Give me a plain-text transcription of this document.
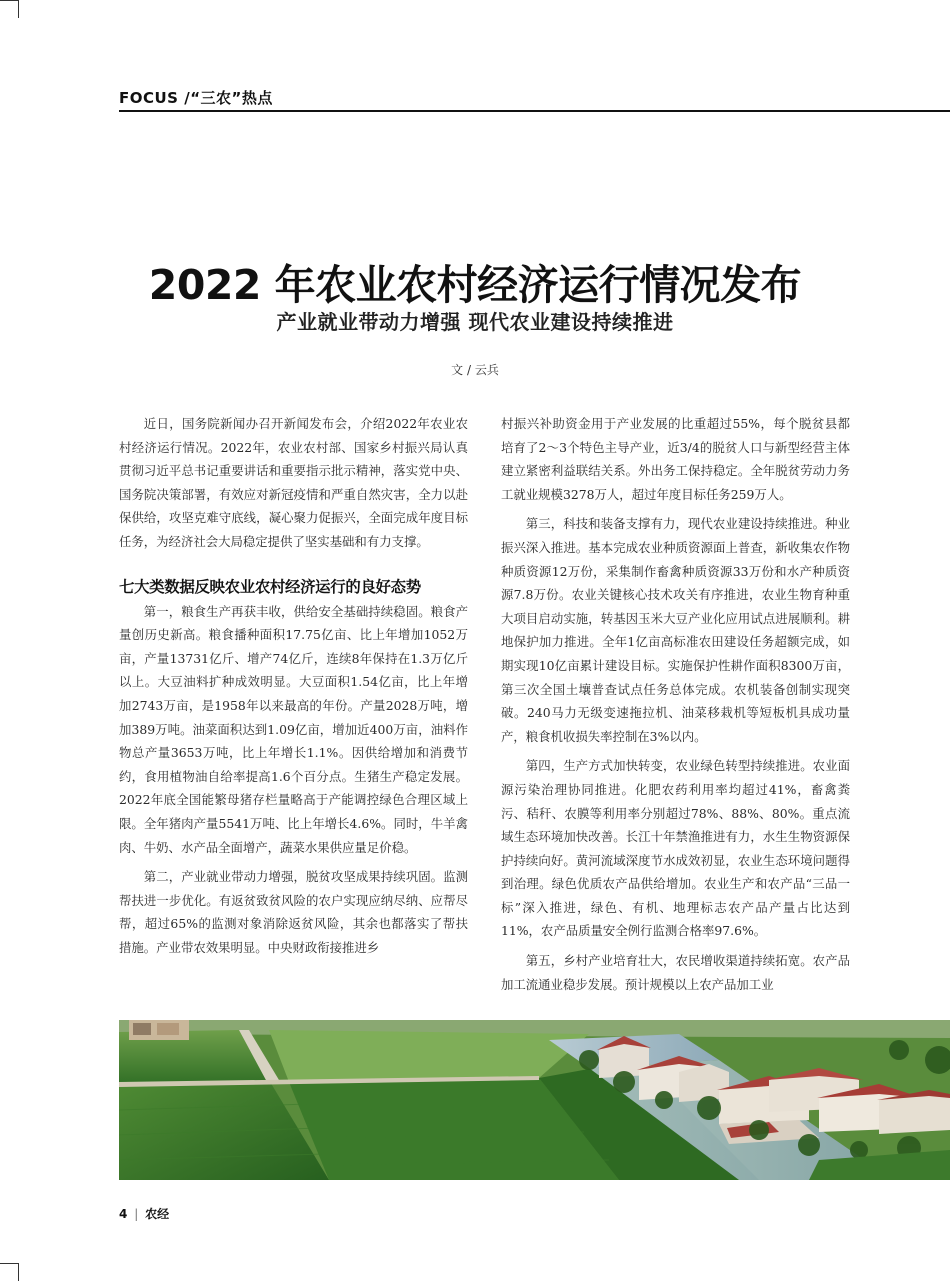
FOCUS /“三农”热点
2022 年农业农村经济运行情况发布
产业就业带动力增强 现代农业建设持续推进
文 / 云兵

近日，国务院新闻办召开新闻发布会，介绍2022年农业农村经济运行情况。2022年，农业农村部、国家乡村振兴局认真贯彻习近平总书记重要讲话和重要指示批示精神，落实党中央、国务院决策部署，有效应对新冠疫情和严重自然灾害，全力以赴保供给，攻坚克难守底线，凝心聚力促振兴，全面完成年度目标任务，为经济社会大局稳定提供了坚实基础和有力支撑。

七大类数据反映农业农村经济运行的良好态势

第一，粮食生产再获丰收，供给安全基础持续稳固。粮食产量创历史新高。粮食播种面积17.75亿亩、比上年增加1052万亩，产量13731亿斤、增产74亿斤，连续8年保持在1.3万亿斤以上。大豆油料扩种成效明显。大豆面积1.54亿亩，比上年增加2743万亩，是1958年以来最高的年份。产量2028万吨，增加389万吨。油菜面积达到1.09亿亩，增加近400万亩，油料作物总产量3653万吨，比上年增长1.1%。因供给增加和消费节约，食用植物油自给率提高1.6个百分点。生猪生产稳定发展。2022年底全国能繁母猪存栏量略高于产能调控绿色合理区域上限。全年猪肉产量5541万吨、比上年增长4.6%。同时，牛羊禽肉、牛奶、水产品全面增产，蔬菜水果供应量足价稳。

第二，产业就业带动力增强，脱贫攻坚成果持续巩固。监测帮扶进一步优化。有返贫致贫风险的农户实现应纳尽纳、应帮尽帮，超过65%的监测对象消除返贫风险，其余也都落实了帮扶措施。产业带农效果明显。中央财政衔接推进乡

村振兴补助资金用于产业发展的比重超过55%，每个脱贫县都培育了2～3个特色主导产业，近3/4的脱贫人口与新型经营主体建立紧密利益联结关系。外出务工保持稳定。全年脱贫劳动力务工就业规模3278万人，超过年度目标任务259万人。

第三，科技和装备支撑有力，现代农业建设持续推进。种业振兴深入推进。基本完成农业种质资源面上普查，新收集农作物种质资源12万份，采集制作畜禽种质资源33万份和水产种质资源7.8万份。农业关键核心技术攻关有序推进，农业生物育种重大项目启动实施，转基因玉米大豆产业化应用试点进展顺利。耕地保护加力推进。全年1亿亩高标准农田建设任务超额完成，如期实现10亿亩累计建设目标。实施保护性耕作面积8300万亩，第三次全国土壤普查试点任务总体完成。农机装备创制实现突破。240马力无级变速拖拉机、油菜移栽机等短板机具成功量产，粮食机收损失率控制在3%以内。

第四，生产方式加快转变，农业绿色转型持续推进。农业面源污染治理协同推进。化肥农药利用率均超过41%，畜禽粪污、秸秆、农膜等利用率分别超过78%、88%、80%。重点流域生态环境加快改善。长江十年禁渔推进有力，水生生物资源保护持续向好。黄河流域深度节水成效初显，农业生态环境问题得到治理。绿色优质农产品供给增加。农业生产和农产品“三品一标”深入推进，绿色、有机、地理标志农产品产量占比达到11%，农产品质量安全例行监测合格率97.6%。

第五，乡村产业培育壮大，农民增收渠道持续拓宽。农产品加工流通业稳步发展。预计规模以上农产品加工业

4 | 农经
